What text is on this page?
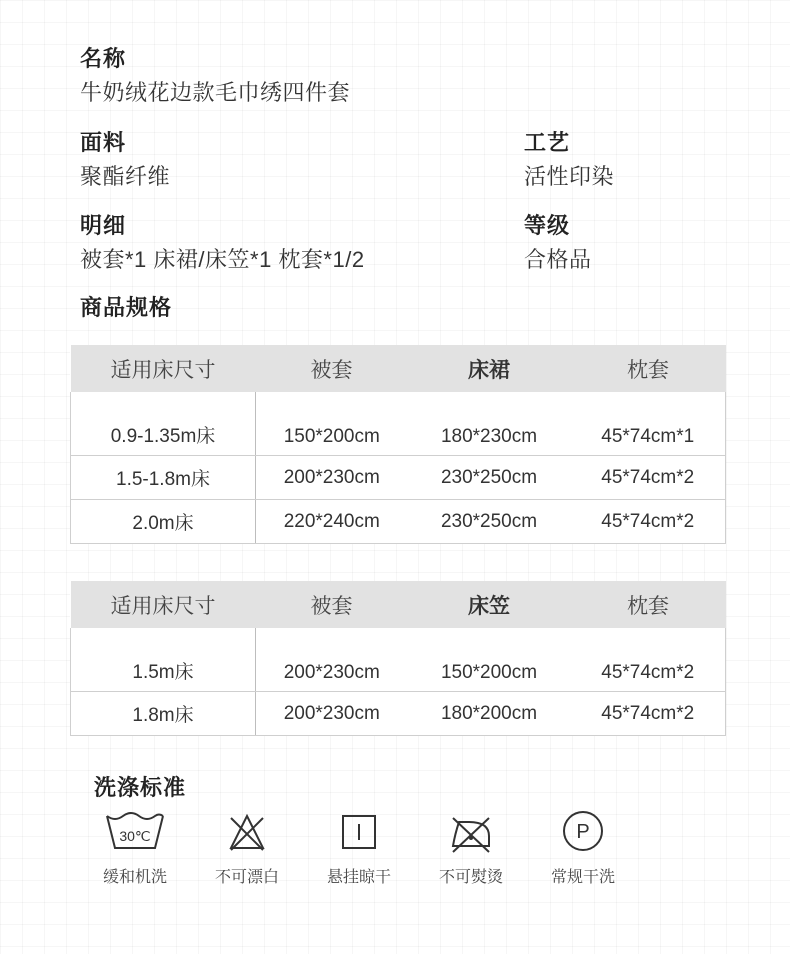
名称
牛奶绒花边款毛巾绣四件套
面料
聚酯纤维
工艺
活性印染
明细
被套*1 床裙/床笠*1 枕套*1/2
等级
合格品
商品规格
适用床尺寸	被套	床裙	枕套
0.9-1.35m床	150*200cm	180*230cm	45*74cm*1
1.5-1.8m床	200*230cm	230*250cm	45*74cm*2
2.0m床	220*240cm	230*250cm	45*74cm*2
适用床尺寸	被套	床笠	枕套
1.5m床	200*230cm	150*200cm	45*74cm*2
1.8m床	200*230cm	180*200cm	45*74cm*2
洗涤标准
30℃
缓和机洗	不可漂白	悬挂晾干	不可熨烫
P
常规干洗
